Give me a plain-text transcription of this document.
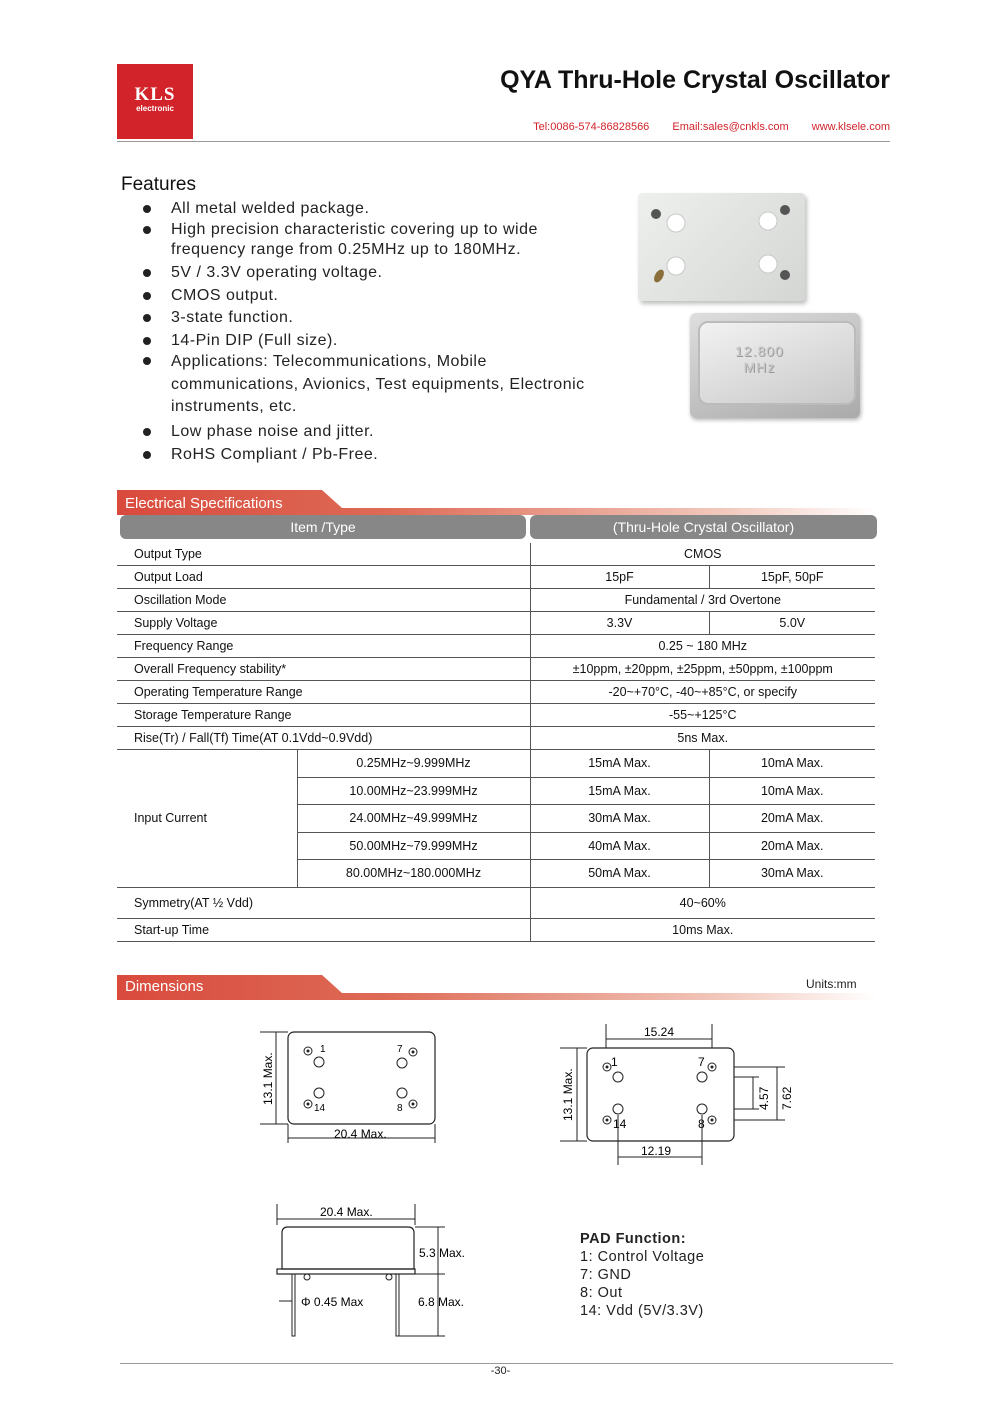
KLS
electronic
QYA Thru-Hole Crystal Oscillator
Tel:0086-574-86828566 Email:sales@cnkls.com www.klsele.com
Features
All metal welded package.
High precision characteristic covering up to wide frequency range from 0.25MHz up to 180MHz.
5V / 3.3V operating voltage.
CMOS output.
3-state function.
14-Pin DIP (Full size).
Applications: Telecommunications, Mobile communications, Avionics, Test equipments, Electronic instruments, etc.
Low phase noise and jitter.
RoHS Compliant / Pb-Free.
12.800
MHz
Electrical Specifications
Item /Type	(Thru-Hole Crystal Oscillator)
Output Type		CMOS	
Output Load		15pF	15pF, 50pF
Oscillation Mode		Fundamental / 3rd Overtone	
Supply Voltage		3.3V	5.0V
Frequency Range		0.25 ~ 180 MHz	
Overall Frequency stability*		±10ppm, ±20ppm, ±25ppm, ±50ppm, ±100ppm	
Operating Temperature Range		-20~+70°C, -40~+85°C, or specify	
Storage Temperature Range		-55~+125°C	
Rise(Tr) / Fall(Tf) Time(AT 0.1Vdd~0.9Vdd)		5ns Max.	
Input Current	0.25MHz~9.999MHz	15mA Max.	10mA Max.
	10.00MHz~23.999MHz	15mA Max.	10mA Max.
	24.00MHz~49.999MHz	30mA Max.	20mA Max.
	50.00MHz~79.999MHz	40mA Max.	20mA Max.
	80.00MHz~180.000MHz	50mA Max.	30mA Max.
Symmetry(AT ½ Vdd)		40~60%	
Start-up Time		10ms Max.	
Dimensions	Units:mm
13.1 Max.
20.4 Max.
1	7
14	8
15.24
13.1 Max.
1	7
14	8
4.57 7.62
12.19
20.4 Max.
Φ 0.45 Max
5.3 Max.
6.8 Max.
PAD Function:
1: Control Voltage
7: GND
8: Out
14: Vdd (5V/3.3V)
-30-
